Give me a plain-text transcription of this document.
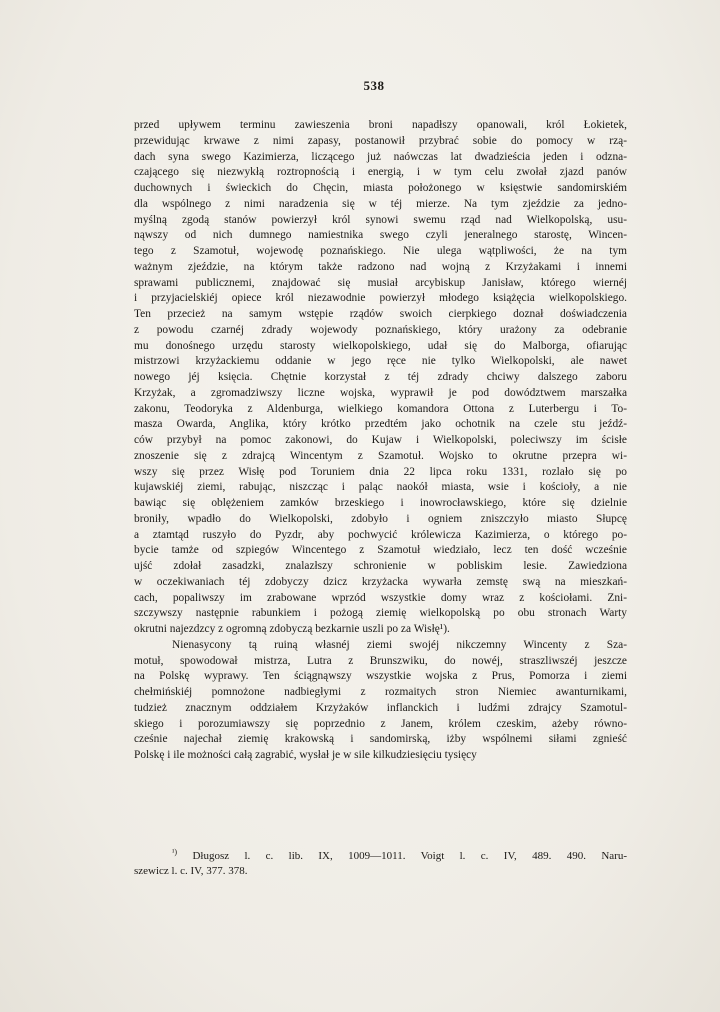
538

przed upływem terminu zawieszenia broni napadłszy opanowali, król Łokietek,
przewidując krwawe z nimi zapasy, postanowił przybrać sobie do pomocy w rzą-
dach syna swego Kazimierza, liczącego już naówczas lat dwadzieścia jeden i odzna-
czającego się niezwykłą roztropnością i energią, i w tym celu zwołał zjazd panów
duchownych i świeckich do Chęcin, miasta położonego w księstwie sandomirskiém
dla wspólnego z nimi naradzenia się w téj mierze. Na tym zjeździe za jedno-
myślną zgodą stanów powierzył król synowi swemu rząd nad Wielkopolską, usu-
nąwszy od nich dumnego namiestnika swego czyli jeneralnego starostę, Wincen-
tego z Szamotuł, wojewodę poznańskiego. Nie ulega wątpliwości, że na tym
ważnym zjeździe, na którym także radzono nad wojną z Krzyżakami i innemi
sprawami publicznemi, znajdować się musiał arcybiskup Janisław, którego wiernéj
i przyjacielskiéj opiece król niezawodnie powierzył młodego książęcia wielkopolskiego.
Ten przecież na samym wstępie rządów swoich cierpkiego doznał doświadczenia
z powodu czarnéj zdrady wojewody poznańskiego, który urażony za odebranie
mu donośnego urzędu starosty wielkopolskiego, udał się do Malborga, ofiarując
mistrzowi krzyżackiemu oddanie w jego ręce nie tylko Wielkopolski, ale nawet
nowego jéj księcia. Chętnie korzystał z téj zdrady chciwy dalszego zaboru
Krzyżak, a zgromadziwszy liczne wojska, wyprawił je pod dowództwem marszałka
zakonu, Teodoryka z Aldenburga, wielkiego komandora Ottona z Luterbergu i To-
masza Owarda, Anglika, który krótko przedtém jako ochotnik na czele stu jeźdź-
ców przybył na pomoc zakonowi, do Kujaw i Wielkopolski, poleciwszy im ścisłe
znoszenie się z zdrajcą Wincentym z Szamotuł. Wojsko to okrutne przepra wi-
wszy się przez Wisłę pod Toruniem dnia 22 lipca roku 1331, rozlało się po
kujawskiéj ziemi, rabując, niszcząc i paląc naokół miasta, wsie i kościoły, a nie
bawiąc się oblężeniem zamków brzeskiego i inowrocławskiego, które się dzielnie
broniły, wpadło do Wielkopolski, zdobyło i ogniem zniszczyło miasto Słupcę
a ztamtąd ruszyło do Pyzdr, aby pochwycić królewicza Kazimierza, o którego po-
bycie tamże od szpiegów Wincentego z Szamotuł wiedziało, lecz ten dość wcześnie
ujść zdołał zasadzki, znalazłszy schronienie w pobliskim lesie. Zawiedziona
w oczekiwaniach téj zdobyczy dzicz krzyżacka wywarła zemstę swą na mieszkań-
cach, popaliwszy im zrabowane wprzód wszystkie domy wraz z kościołami. Zni-
szczywszy następnie rabunkiem i pożogą ziemię wielkopolską po obu stronach Warty
okrutni najezdzcy z ogromną zdobyczą bezkarnie uszli po za Wisłę¹).

Nienasycony tą ruiną własnéj ziemi swojéj nikczemny Wincenty z Sza-
motuł, spowodował mistrza, Lutra z Brunszwiku, do nowéj, straszliwszéj jeszcze
na Polskę wyprawy. Ten ściągnąwszy wszystkie wojska z Prus, Pomorza i ziemi
chełmińskiéj pomnożone nadbiegłymi z rozmaitych stron Niemiec awanturnikami,
tudzież znacznym oddziałem Krzyżaków inflanckich i ludźmi zdrajcy Szamotul-
skiego i porozumiawszy się poprzednio z Janem, królem czeskim, ażeby równo-
cześnie najechał ziemię krakowską i sandomirską, iżby wspólnemi siłami zgnieść
Polskę i ile możności całą zagrabić, wysłał je w sile kilkudziesięciu tysięcy

$^{^1)}$ Długosz l. c. lib. IX, 1009—1011. Voigt l. c. IV, 489. 490. Naru-
szewicz l. c. IV, 377. 378.
